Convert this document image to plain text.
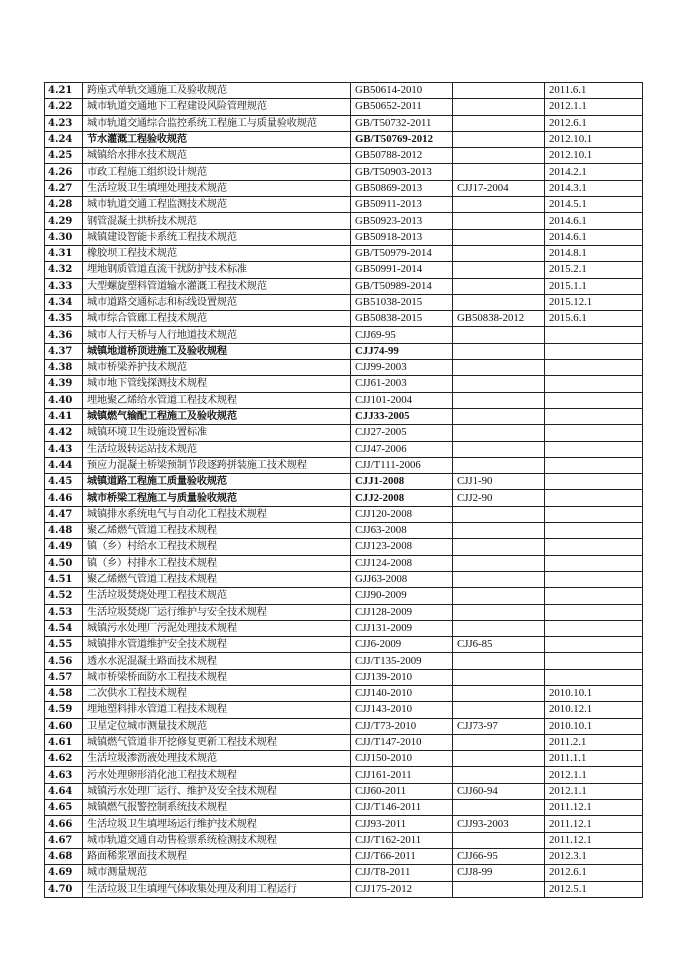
4.21	跨座式单轨交通施工及验收规范	GB50614-2010		2011.6.1
4.22	城市轨道交通地下工程建设风险管理规范	GB50652-2011		2012.1.1
4.23	城市轨道交通综合监控系统工程施工与质量验收规范	GB/T50732-2011		2012.6.1
4.24	节水灌溉工程验收规范	GB/T50769-2012		2012.10.1
4.25	城镇给水排水技术规范	GB50788-2012		2012.10.1
4.26	市政工程施工组织设计规范	GB/T50903-2013		2014.2.1
4.27	生活垃圾卫生填埋处理技术规范	GB50869-2013	CJJ17-2004	2014.3.1
4.28	城市轨道交通工程监测技术规范	GB50911-2013		2014.5.1
4.29	钢管混凝土拱桥技术规范	GB50923-2013		2014.6.1
4.30	城镇建设智能卡系统工程技术规范	GB50918-2013		2014.6.1
4.31	橡胶坝工程技术规范	GB/T50979-2014		2014.8.1
4.32	埋地钢质管道直流干扰防护技术标准	GB50991-2014		2015.2.1
4.33	大型螺旋塑料管道输水灌溉工程技术规范	GB/T50989-2014		2015.1.1
4.34	城市道路交通标志和标线设置规范	GB51038-2015		2015.12.1
4.35	城市综合管廊工程技术规范	GB50838-2015	GB50838-2012	2015.6.1
4.36	城市人行天桥与人行地道技术规范	CJJ69-95		
4.37	城镇地道桥顶进施工及验收规程	CJJ74-99		
4.38	城市桥梁养护技术规范	CJJ99-2003		
4.39	城市地下管线探测技术规程	CJJ61-2003		
4.40	埋地聚乙烯给水管道工程技术规程	CJJ101-2004		
4.41	城镇燃气输配工程施工及验收规范	CJJ33-2005		
4.42	城镇环境卫生设施设置标准	CJJ27-2005		
4.43	生活垃圾转运站技术规范	CJJ47-2006		
4.44	预应力混凝土桥梁预制节段逐跨拼装施工技术规程	CJJ/T111-2006		
4.45	城镇道路工程施工质量验收规范	CJJ1-2008	CJJ1-90	
4.46	城市桥梁工程施工与质量验收规范	CJJ2-2008	CJJ2-90	
4.47	城镇排水系统电气与自动化工程技术规程	CJJ120-2008		
4.48	聚乙烯燃气管道工程技术规程	CJJ63-2008		
4.49	镇（乡）村给水工程技术规程	CJJ123-2008		
4.50	镇（乡）村排水工程技术规程	CJJ124-2008		
4.51	聚乙烯燃气管道工程技术规程	GJJ63-2008		
4.52	生活垃圾焚烧处理工程技术规范	CJJ90-2009		
4.53	生活垃圾焚烧厂运行维护与安全技术规程	CJJ128-2009		
4.54	城镇污水处理厂污泥处理技术规程	CJJ131-2009		
4.55	城镇排水管道维护安全技术规程	CJJ6-2009	CJJ6-85	
4.56	透水水泥混凝土路面技术规程	CJJ/T135-2009		
4.57	城市桥梁桥面防水工程技术规程	CJJ139-2010		
4.58	二次供水工程技术规程	CJJ140-2010		2010.10.1
4.59	埋地塑料排水管道工程技术规程	CJJ143-2010		2010.12.1
4.60	卫星定位城市测量技术规范	CJJ/T73-2010	CJJ73-97	2010.10.1
4.61	城镇燃气管道非开挖修复更新工程技术规程	CJJ/T147-2010		2011.2.1
4.62	生活垃圾渗沥液处理技术规范	CJJ150-2010		2011.1.1
4.63	污水处理卵形消化池工程技术规程	CJJ161-2011		2012.1.1
4.64	城镇污水处理厂运行、维护及安全技术规程	CJJ60-2011	CJJ60-94	2012.1.1
4.65	城镇燃气报警控制系统技术规程	CJJ/T146-2011		2011.12.1
4.66	生活垃圾卫生填埋场运行维护技术规程	CJJ93-2011	CJJ93-2003	2011.12.1
4.67	城市轨道交通自动售检票系统检测技术规程	CJJ/T162-2011		2011.12.1
4.68	路面稀浆罩面技术规程	CJJ/T66-2011	CJJ66-95	2012.3.1
4.69	城市测量规范	CJJ/T8-2011	CJJ8-99	2012.6.1
4.70	生活垃圾卫生填埋气体收集处理及利用工程运行	CJJ175-2012		2012.5.1
